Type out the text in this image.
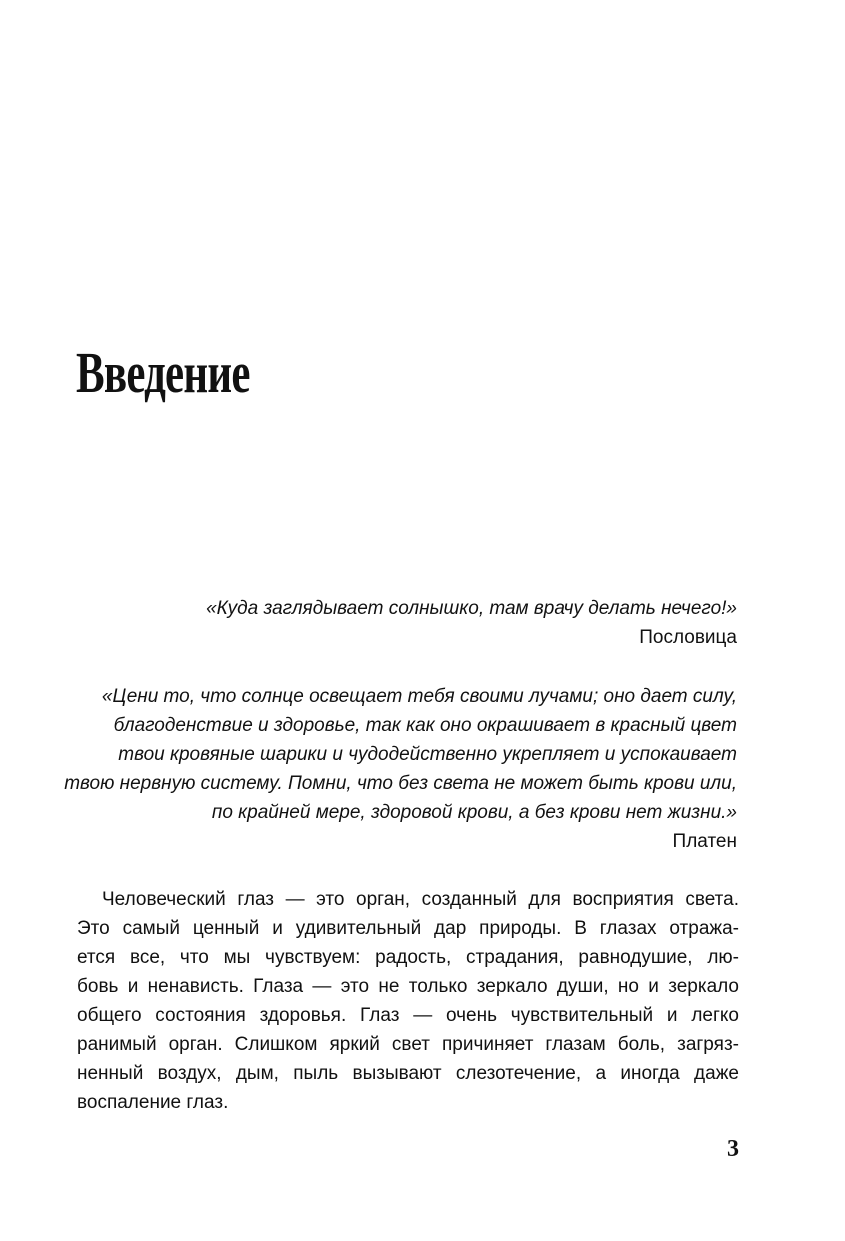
Введение
«Куда заглядывает солнышко, там врачу делать нечего!»
Пословица
«Цени то, что солнце освещает тебя своими лучами; оно дает силу,
благоденствие и здоровье, так как оно окрашивает в красный цвет
твои кровяные шарики и чудодейственно укрепляет и успокаивает
твою нервную систему. Помни, что без света не может быть крови или,
по крайней мере, здоровой крови, а без крови нет жизни.»
Платен
Человеческий глаз — это орган, созданный для восприятия света.
Это самый ценный и удивительный дар природы. В глазах отража-
ется все, что мы чувствуем: радость, страдания, равнодушие, лю-
бовь и ненависть. Глаза — это не только зеркало души, но и зеркало
общего состояния здоровья. Глаз — очень чувствительный и легко
ранимый орган. Слишком яркий свет причиняет глазам боль, загряз-
ненный воздух, дым, пыль вызывают слезотечение, а иногда даже
воспаление глаз.
3
